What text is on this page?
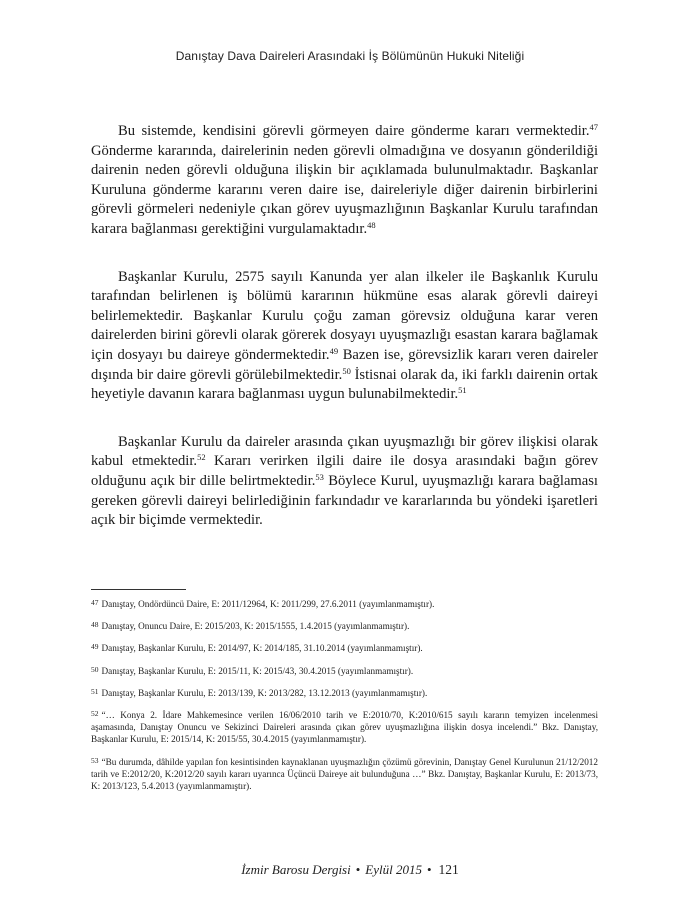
Danıştay Dava Daireleri Arasındaki İş Bölümünün Hukuki Niteliği

Bu sistemde, kendisini görevli görmeyen daire gönderme kararı vermektedir.$^{47}$ Gönderme kararında, dairelerinin neden görevli olmadığına ve dosyanın gönderildiği dairenin neden görevli olduğuna ilişkin bir açıklamada bulunulmaktadır. Başkanlar Kuruluna gönderme kararını veren daire ise, daireleriyle diğer dairenin birbirlerini görevli görmeleri nedeniyle çıkan görev uyuşmazlığının Başkanlar Kurulu tarafından karara bağlanması gerektiğini vurgulamaktadır.$^{48}$

Başkanlar Kurulu, 2575 sayılı Kanunda yer alan ilkeler ile Başkanlık Kurulu tarafından belirlenen iş bölümü kararının hükmüne esas alarak görevli daireyi belirlemektedir. Başkanlar Kurulu çoğu zaman görevsiz olduğuna karar veren dairelerden birini görevli olarak görerek dosyayı uyuşmazlığı esastan karara bağlamak için dosyayı bu daireye göndermektedir.$^{49}$ Bazen ise, görevsizlik kararı veren daireler dışında bir daire görevli görülebilmektedir.$^{50}$ İstisnai olarak da, iki farklı dairenin ortak heyetiyle davanın karara bağlanması uygun bulunabilmektedir.$^{51}$

Başkanlar Kurulu da daireler arasında çıkan uyuşmazlığı bir görev ilişkisi olarak kabul etmektedir.$^{52}$ Kararı verirken ilgili daire ile dosya arasındaki bağın görev olduğunu açık bir dille belirtmektedir.$^{53}$ Böylece Kurul, uyuşmazlığı karara bağlaması gereken görevli daireyi belirlediğinin farkındadır ve kararlarında bu yöndeki işaretleri açık bir biçimde vermektedir.

$^{47}$ Danıştay, Ondördüncü Daire, E: 2011/12964, K: 2011/299, 27.6.2011 (yayımlanmamıştır).
$^{48}$ Danıştay, Onuncu Daire, E: 2015/203, K: 2015/1555, 1.4.2015 (yayımlanmamıştır).
$^{49}$ Danıştay, Başkanlar Kurulu, E: 2014/97, K: 2014/185, 31.10.2014 (yayımlanmamıştır).
$^{50}$ Danıştay, Başkanlar Kurulu, E: 2015/11, K: 2015/43, 30.4.2015 (yayımlanmamıştır).
$^{51}$ Danıştay, Başkanlar Kurulu, E: 2013/139, K: 2013/282, 13.12.2013 (yayımlanmamıştır).
$^{52}$ “… Konya 2. İdare Mahkemesince verilen 16/06/2010 tarih ve E:2010/70, K:2010/615 sayılı kararın temyizen incelenmesi aşamasında, Danıştay Onuncu ve Sekizinci Daireleri arasında çıkan görev uyuşmazlığına ilişkin dosya incelendi.” Bkz. Danıştay, Başkanlar Kurulu, E: 2015/14, K: 2015/55, 30.4.2015 (yayımlanmamıştır).
$^{53}$ “Bu durumda, dâhilde yapılan fon kesintisinden kaynaklanan uyuşmazlığın çözümü görevinin, Danıştay Genel Kurulunun 21/12/2012 tarih ve E:2012/20, K:2012/20 sayılı kararı uyarınca Üçüncü Daireye ait bulunduğuna …” Bkz. Danıştay, Başkanlar Kurulu, E: 2013/73, K: 2013/123, 5.4.2013 (yayımlanmamıştır).
İzmir Barosu Dergisi • Eylül 2015 • 121
